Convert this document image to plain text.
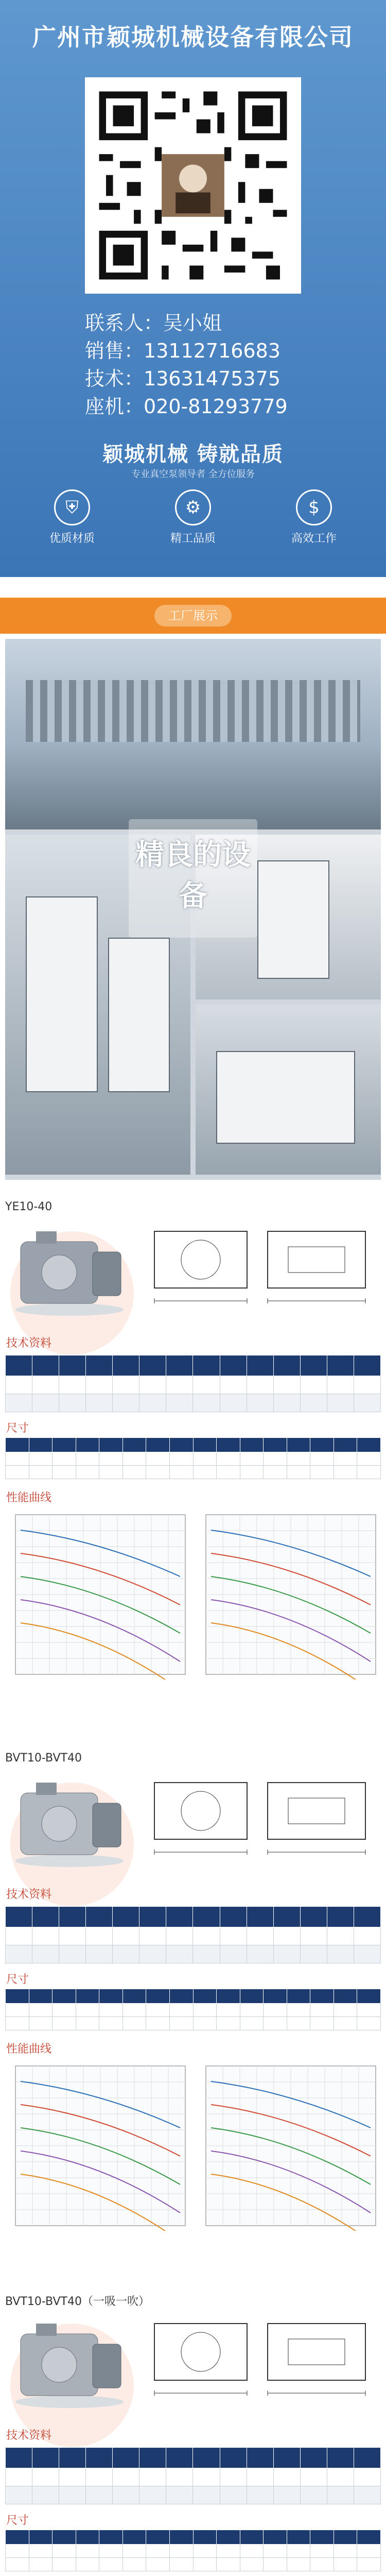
广州市颖城机械设备有限公司
联系人：吴小姐
销售：13112716683
技术：13631475375
座机：020-81293779
颖城机械 铸就品质
专业真空泵领导者 全方位服务
⛨
优质材质
⚙
精工品质
$
高效工作
工厂展示
精良的设备
YE10-40
技术资料

尺寸

性能曲线
BVT10-BVT40
技术资料

尺寸

性能曲线
BVT10-BVT40（一吸一吹）
技术资料

尺寸
